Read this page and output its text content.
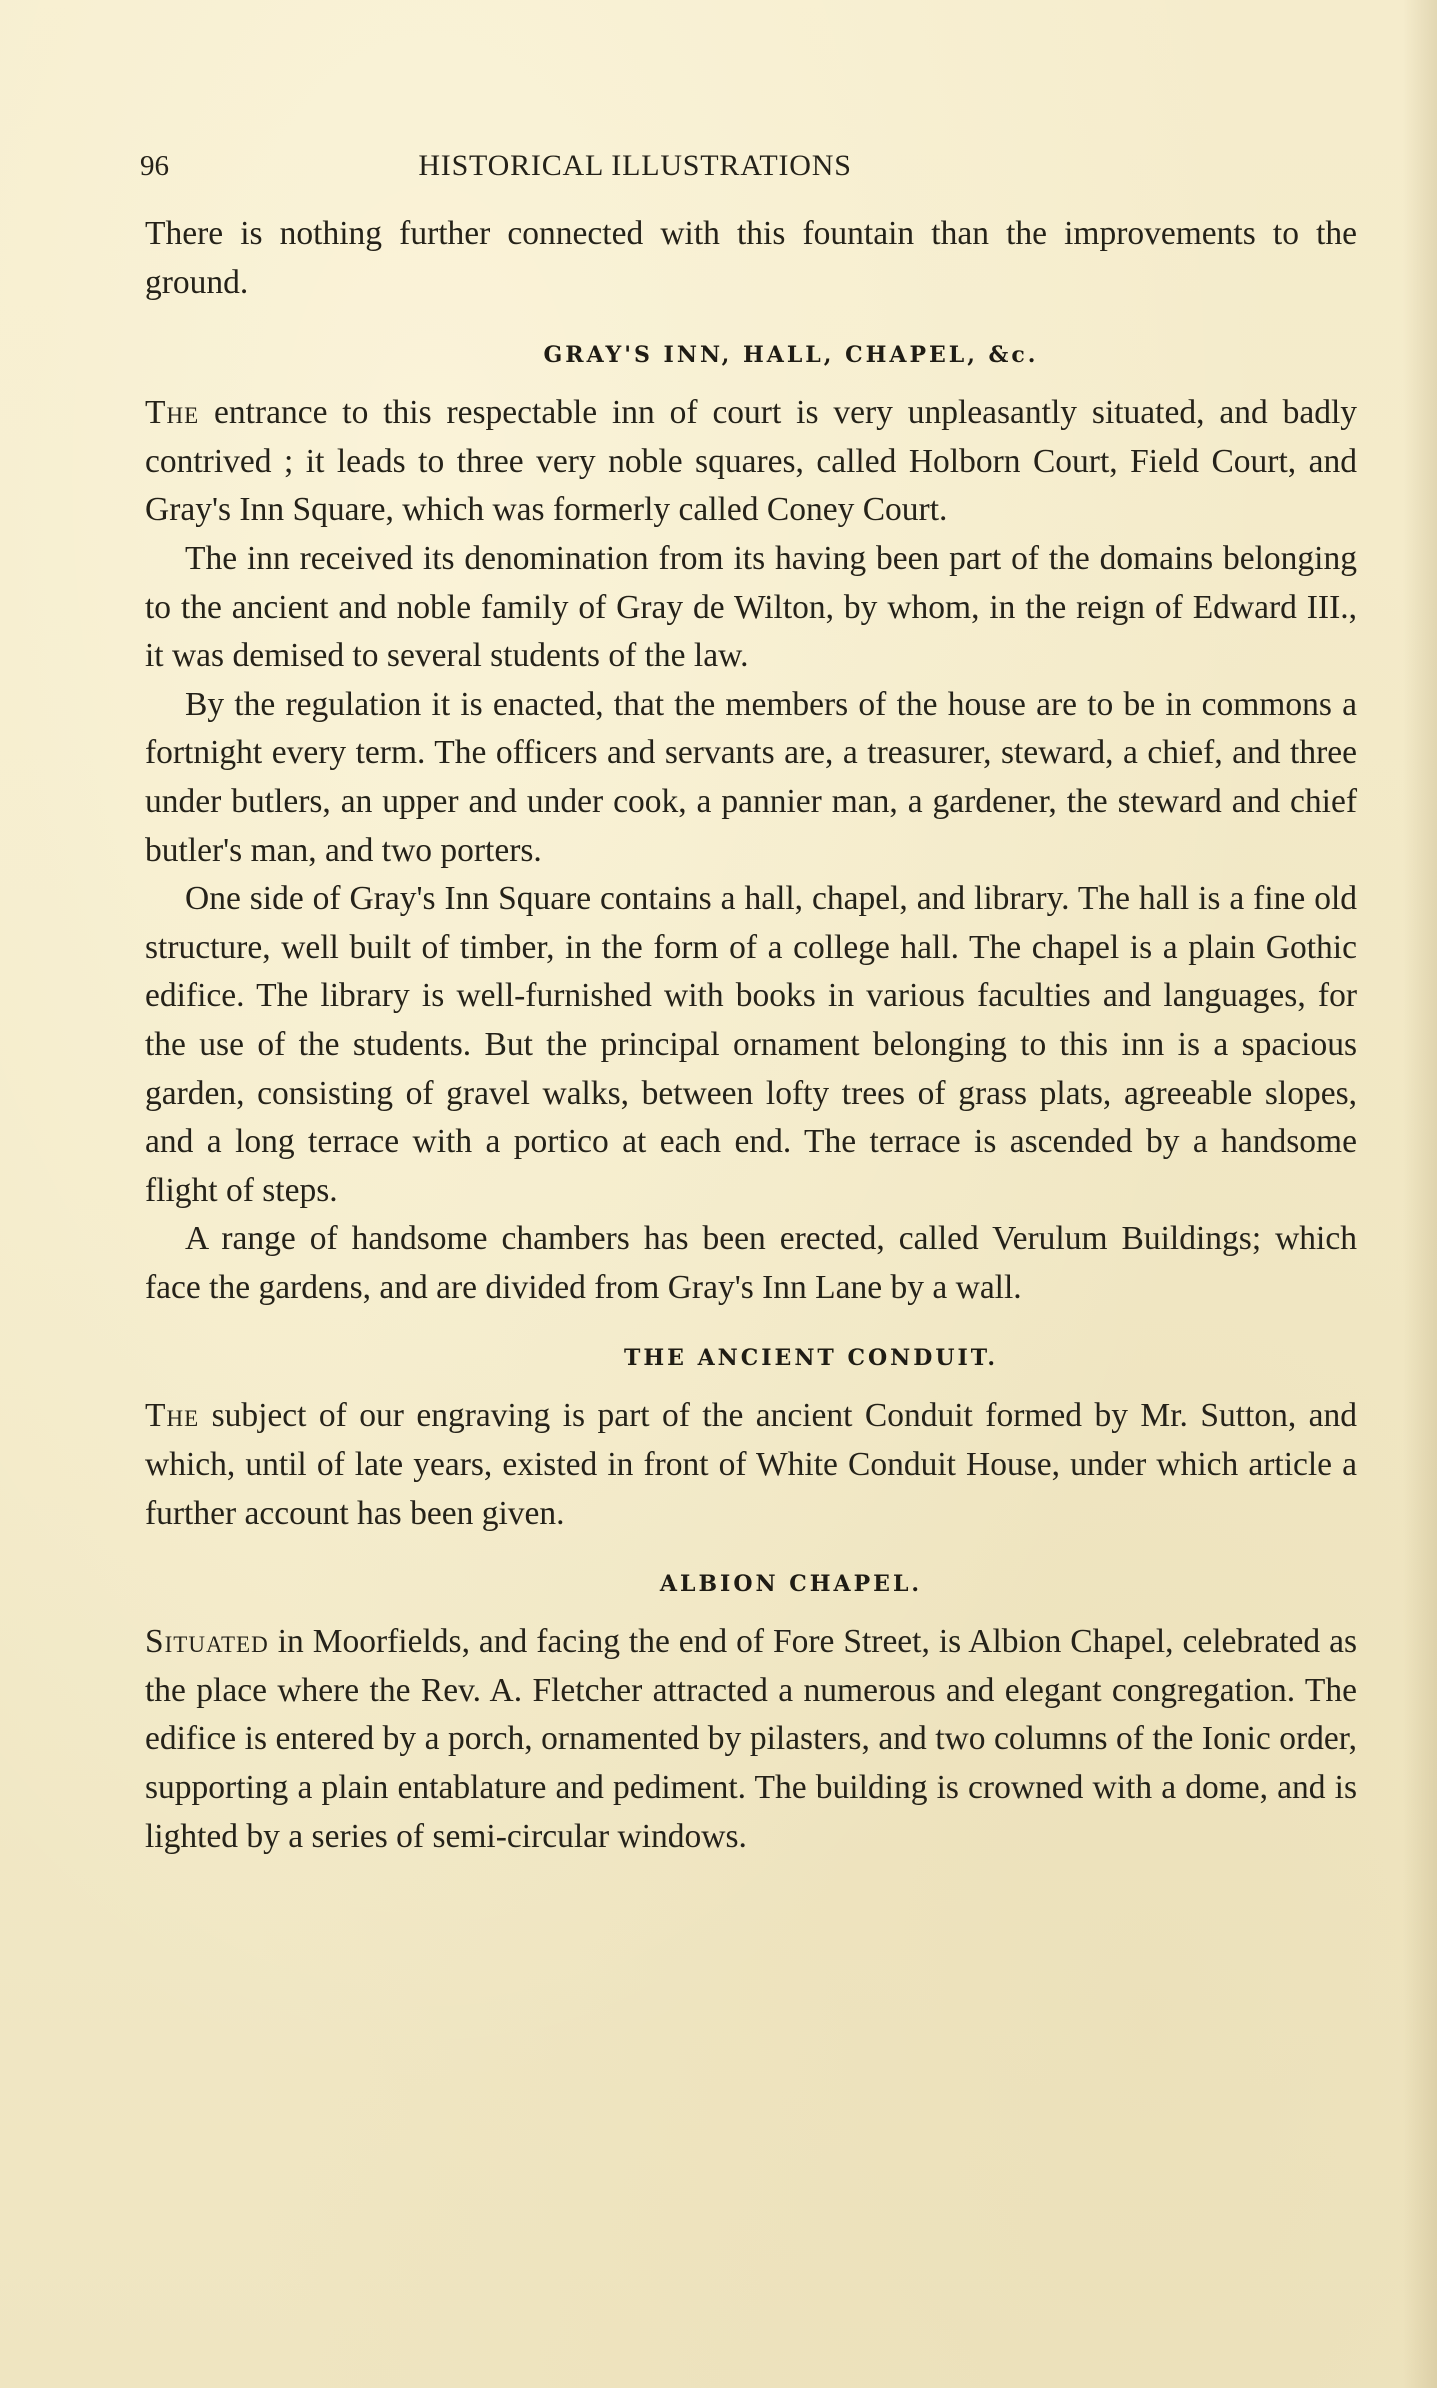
96	HISTORICAL ILLUSTRATIONS

There is nothing further connected with this fountain than the improvements to the ground.

GRAY'S INN, HALL, CHAPEL, &c.

The entrance to this respectable inn of court is very unpleasantly situated, and badly contrived ; it leads to three very noble squares, called Holborn Court, Field Court, and Gray's Inn Square, which was formerly called Coney Court.

The inn received its denomination from its having been part of the domains belonging to the ancient and noble family of Gray de Wilton, by whom, in the reign of Edward III., it was demised to several students of the law.

By the regulation it is enacted, that the members of the house are to be in commons a fortnight every term. The officers and servants are, a treasurer, steward, a chief, and three under butlers, an upper and under cook, a pannier man, a gardener, the steward and chief butler's man, and two porters.

One side of Gray's Inn Square contains a hall, chapel, and library. The hall is a fine old structure, well built of timber, in the form of a college hall. The chapel is a plain Gothic edifice. The library is well-furnished with books in various faculties and languages, for the use of the students. But the principal ornament belonging to this inn is a spacious garden, consisting of gravel walks, between lofty trees of grass plats, agreeable slopes, and a long terrace with a portico at each end. The terrace is ascended by a handsome flight of steps.

A range of handsome chambers has been erected, called Verulum Buildings; which face the gardens, and are divided from Gray's Inn Lane by a wall.

THE ANCIENT CONDUIT.

The subject of our engraving is part of the ancient Conduit formed by Mr. Sutton, and which, until of late years, existed in front of White Conduit House, under which article a further account has been given.

ALBION CHAPEL.

Situated in Moorfields, and facing the end of Fore Street, is Albion Chapel, celebrated as the place where the Rev. A. Fletcher attracted a numerous and elegant congregation. The edifice is entered by a porch, ornamented by pilasters, and two columns of the Ionic order, supporting a plain entablature and pediment. The building is crowned with a dome, and is lighted by a series of semi-circular windows.
